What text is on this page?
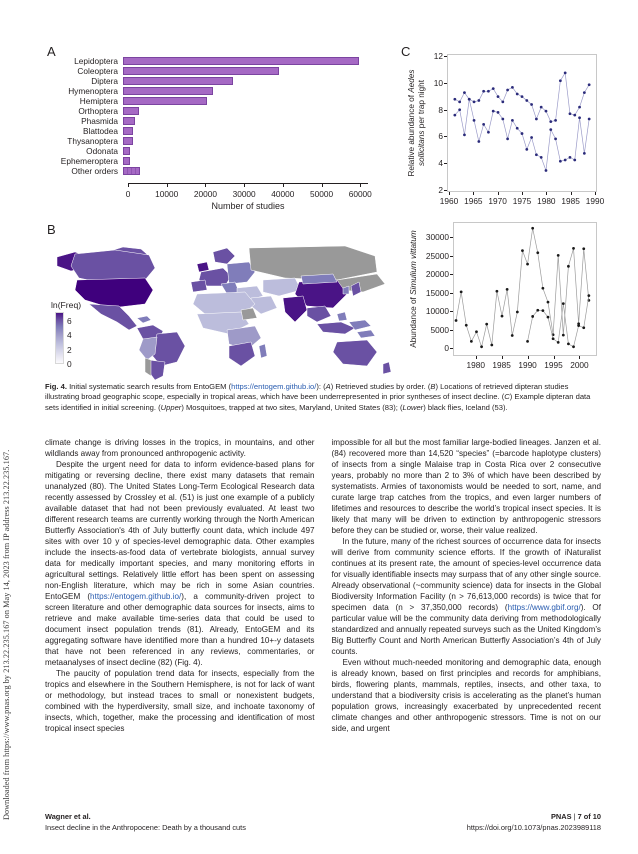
Downloaded from https://www.pnas.org by 213.22.235.167 on May 14, 2023 from IP address 213.22.235.167.
A
Lepidoptera
Coleoptera
Diptera
Hymenoptera
Hemiptera
Orthoptera
Phasmida
Blattodea
Thysanoptera
Odonata
Ephemeroptera
Other orders
0	10000 20000 30000 40000 50000 60000
Number of studies
B
ln(Freq)
6
4
2
0
C
Relative abundance of Aedes sollicitans per trap night
2
4
6
8
10
12
1960 1965 1970 1975 1980 1985 1990
Abundance of Simulium vittatum
0
5000
10000
15000
20000
25000
30000
1980 1985 1990 1995 2000
Fig. 4. Initial systematic search results from EntoGEM (https://entogem.github.io/): (A) Retrieved studies by order. (B) Locations of retrieved dipteran studies illustrating broad geographic scope, especially in tropical areas, which have been underrepresented in prior syntheses of insect decline. (C) Example dipteran data sets identified in initial screening. (Upper) Mosquitoes, trapped at two sites, Maryland, United States (83); (Lower) black flies, Iceland (53).

climate change is driving losses in the tropics, in mountains, and other wildlands away from pronounced anthropogenic activity.

Despite the urgent need for data to inform evidence-based plans for mitigating or reversing decline, there exist many datasets that remain unanalyzed (80). The United States Long-Term Ecological Research data recently assessed by Crossley et al. (51) is just one example of a publicly available dataset that had not been previously evaluated. At least two different research teams are currently working through the North American Butterfly Association's 4th of July butterfly count data, which include 497 sites with over 10 y of species-level demographic data. Other examples include the insects-as-food data of vertebrate biologists, annual survey data for medically important species, and many monitoring efforts in agricultural settings. Relatively little effort has been spent on assessing non-English literature, which may be rich in some Asian countries. EntoGEM (https://entogem.github.io/), a community-driven project to screen literature and other demographic data sources for insects, aims to retrieve and make available time-series data that could be used to document insect population trends (81). Already, EntoGEM and its aggregating software have identified more than a hundred 10+-y datasets that have not been referenced in any reviews, commentaries, or metaanalyses of insect decline (82) (Fig. 4).

The paucity of population trend data for insects, especially from the tropics and elsewhere in the Southern Hemisphere, is not for lack of want or methodology, but instead traces to small or nonexistent budgets, combined with the hyperdiversity, small size, and inchoate taxonomy of insects, which, together, make the processing and identification of most tropical insect species

impossible for all but the most familiar large-bodied lineages. Janzen et al. (84) recovered more than 14,520 “species” (=barcode haplotype clusters) of insects from a single Malaise trap in Costa Rica over 2 consecutive years, probably no more than 2 to 3% of which have been described by systematists. Armies of taxonomists would be needed to sort, name, and curate large trap catches from the tropics, and even larger numbers of lifetimes and resources to describe the world’s tropical insect species. It is likely that many will be driven to extinction by anthropogenic stressors before they can be studied or, worse, their value realized.

In the future, many of the richest sources of occurrence data for insects will derive from community science efforts. If the growth of iNaturalist continues at its present rate, the amount of species-level occurrence data for visually identifiable insects may surpass that of any other single source. Already observational (~community science) data for insects in the Global Biodiversity Information Facility (n > 76,613,000 records) is twice that for specimen data (n > 37,350,000 records) (https://www.gbif.org/). Of particular value will be the community data deriving from methodologically standardized and annually repeated surveys such as the United Kingdom’s Big Butterfly Count and North American Butterfly Association’s 4th of July counts.

Even without much-needed monitoring and demographic data, enough is already known, based on first principles and records for amphibians, birds, flowering plants, mammals, reptiles, insects, and other taxa, to understand that a biodiversity crisis is accelerating as the planet’s human population grows, increasingly exacerbated by unprecedented recent climate changes and other anthropogenic stressors. Time is not on our side, and urgent

Wagner et al.
Insect decline in the Anthropocene: Death by a thousand cuts
PNAS | 7 of 10
https://doi.org/10.1073/pnas.2023989118
